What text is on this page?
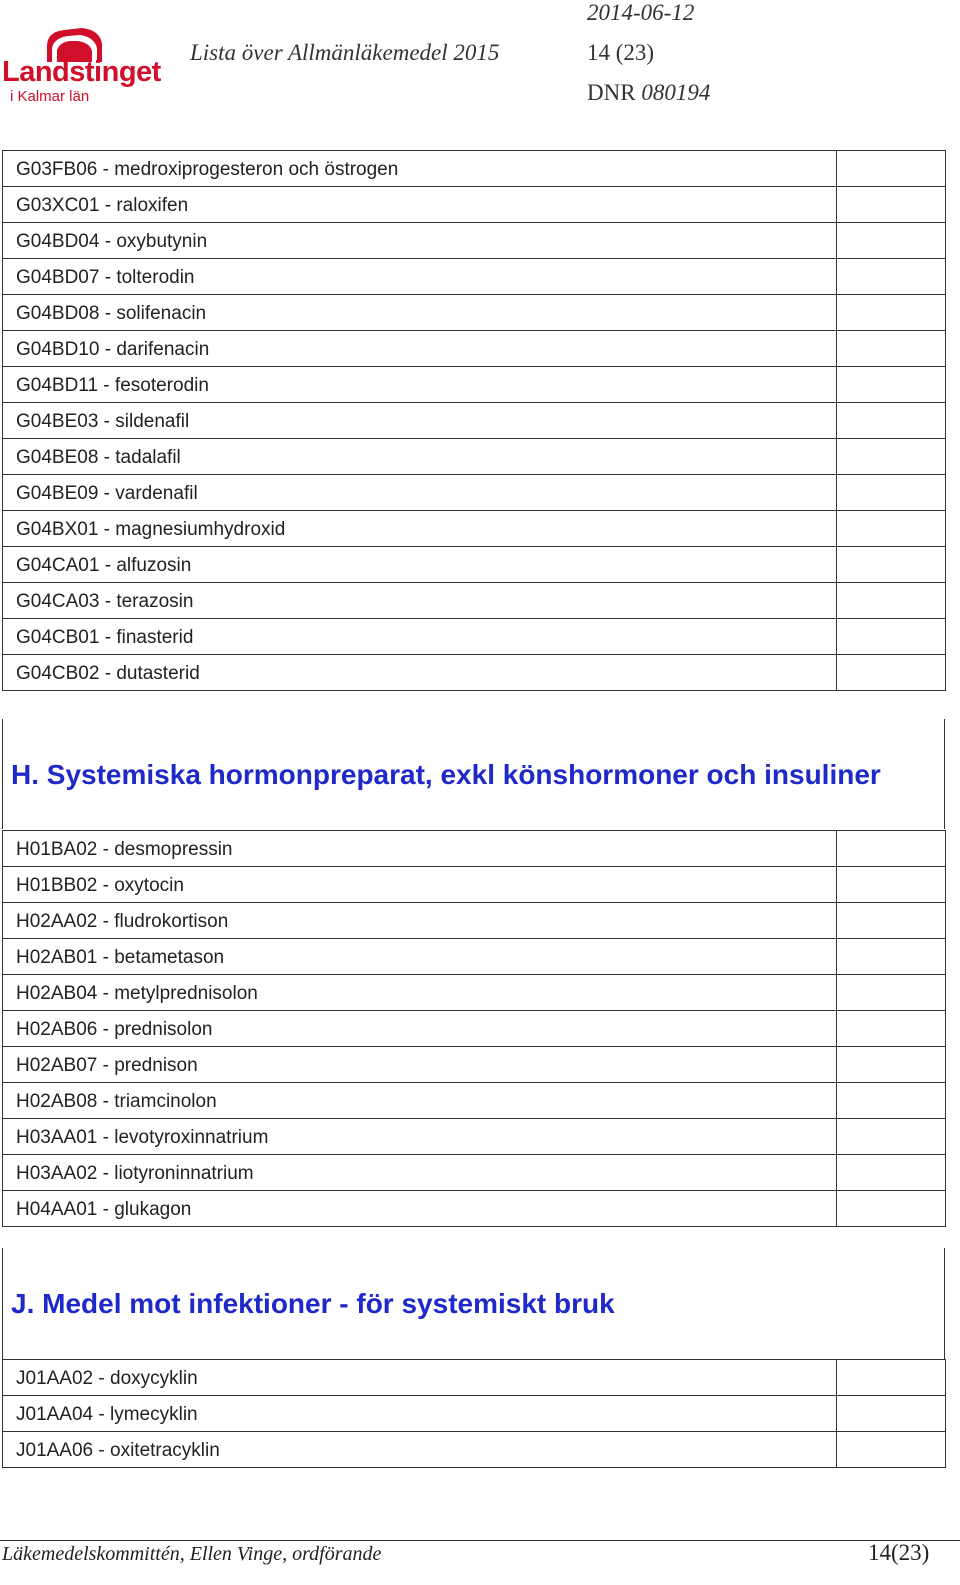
Landstinget
i Kalmar län
2014-06-12
Lista över Allmänläkemedel 2015	14 (23)
DNR 080194
G03FB06 - medroxiprogesteron och östrogen	
G03XC01 - raloxifen	
G04BD04 - oxybutynin	
G04BD07 - tolterodin	
G04BD08 - solifenacin	
G04BD10 - darifenacin	
G04BD11 - fesoterodin	
G04BE03 - sildenafil	
G04BE08 - tadalafil	
G04BE09 - vardenafil	
G04BX01 - magnesiumhydroxid	
G04CA01 - alfuzosin	
G04CA03 - terazosin	
G04CB01 - finasterid	
G04CB02 - dutasterid	
H. Systemiska hormonpreparat, exkl könshormoner och insuliner
H01BA02 - desmopressin	
H01BB02 - oxytocin	
H02AA02 - fludrokortison	
H02AB01 - betametason	
H02AB04 - metylprednisolon	
H02AB06 - prednisolon	
H02AB07 - prednison	
H02AB08 - triamcinolon	
H03AA01 - levotyroxinnatrium	
H03AA02 - liotyroninnatrium	
H04AA01 - glukagon	
J. Medel mot infektioner - för systemiskt bruk
J01AA02 - doxycyklin	
J01AA04 - lymecyklin	
J01AA06 - oxitetracyklin	
Läkemedelskommittén, Ellen Vinge, ordförande	14(23)
